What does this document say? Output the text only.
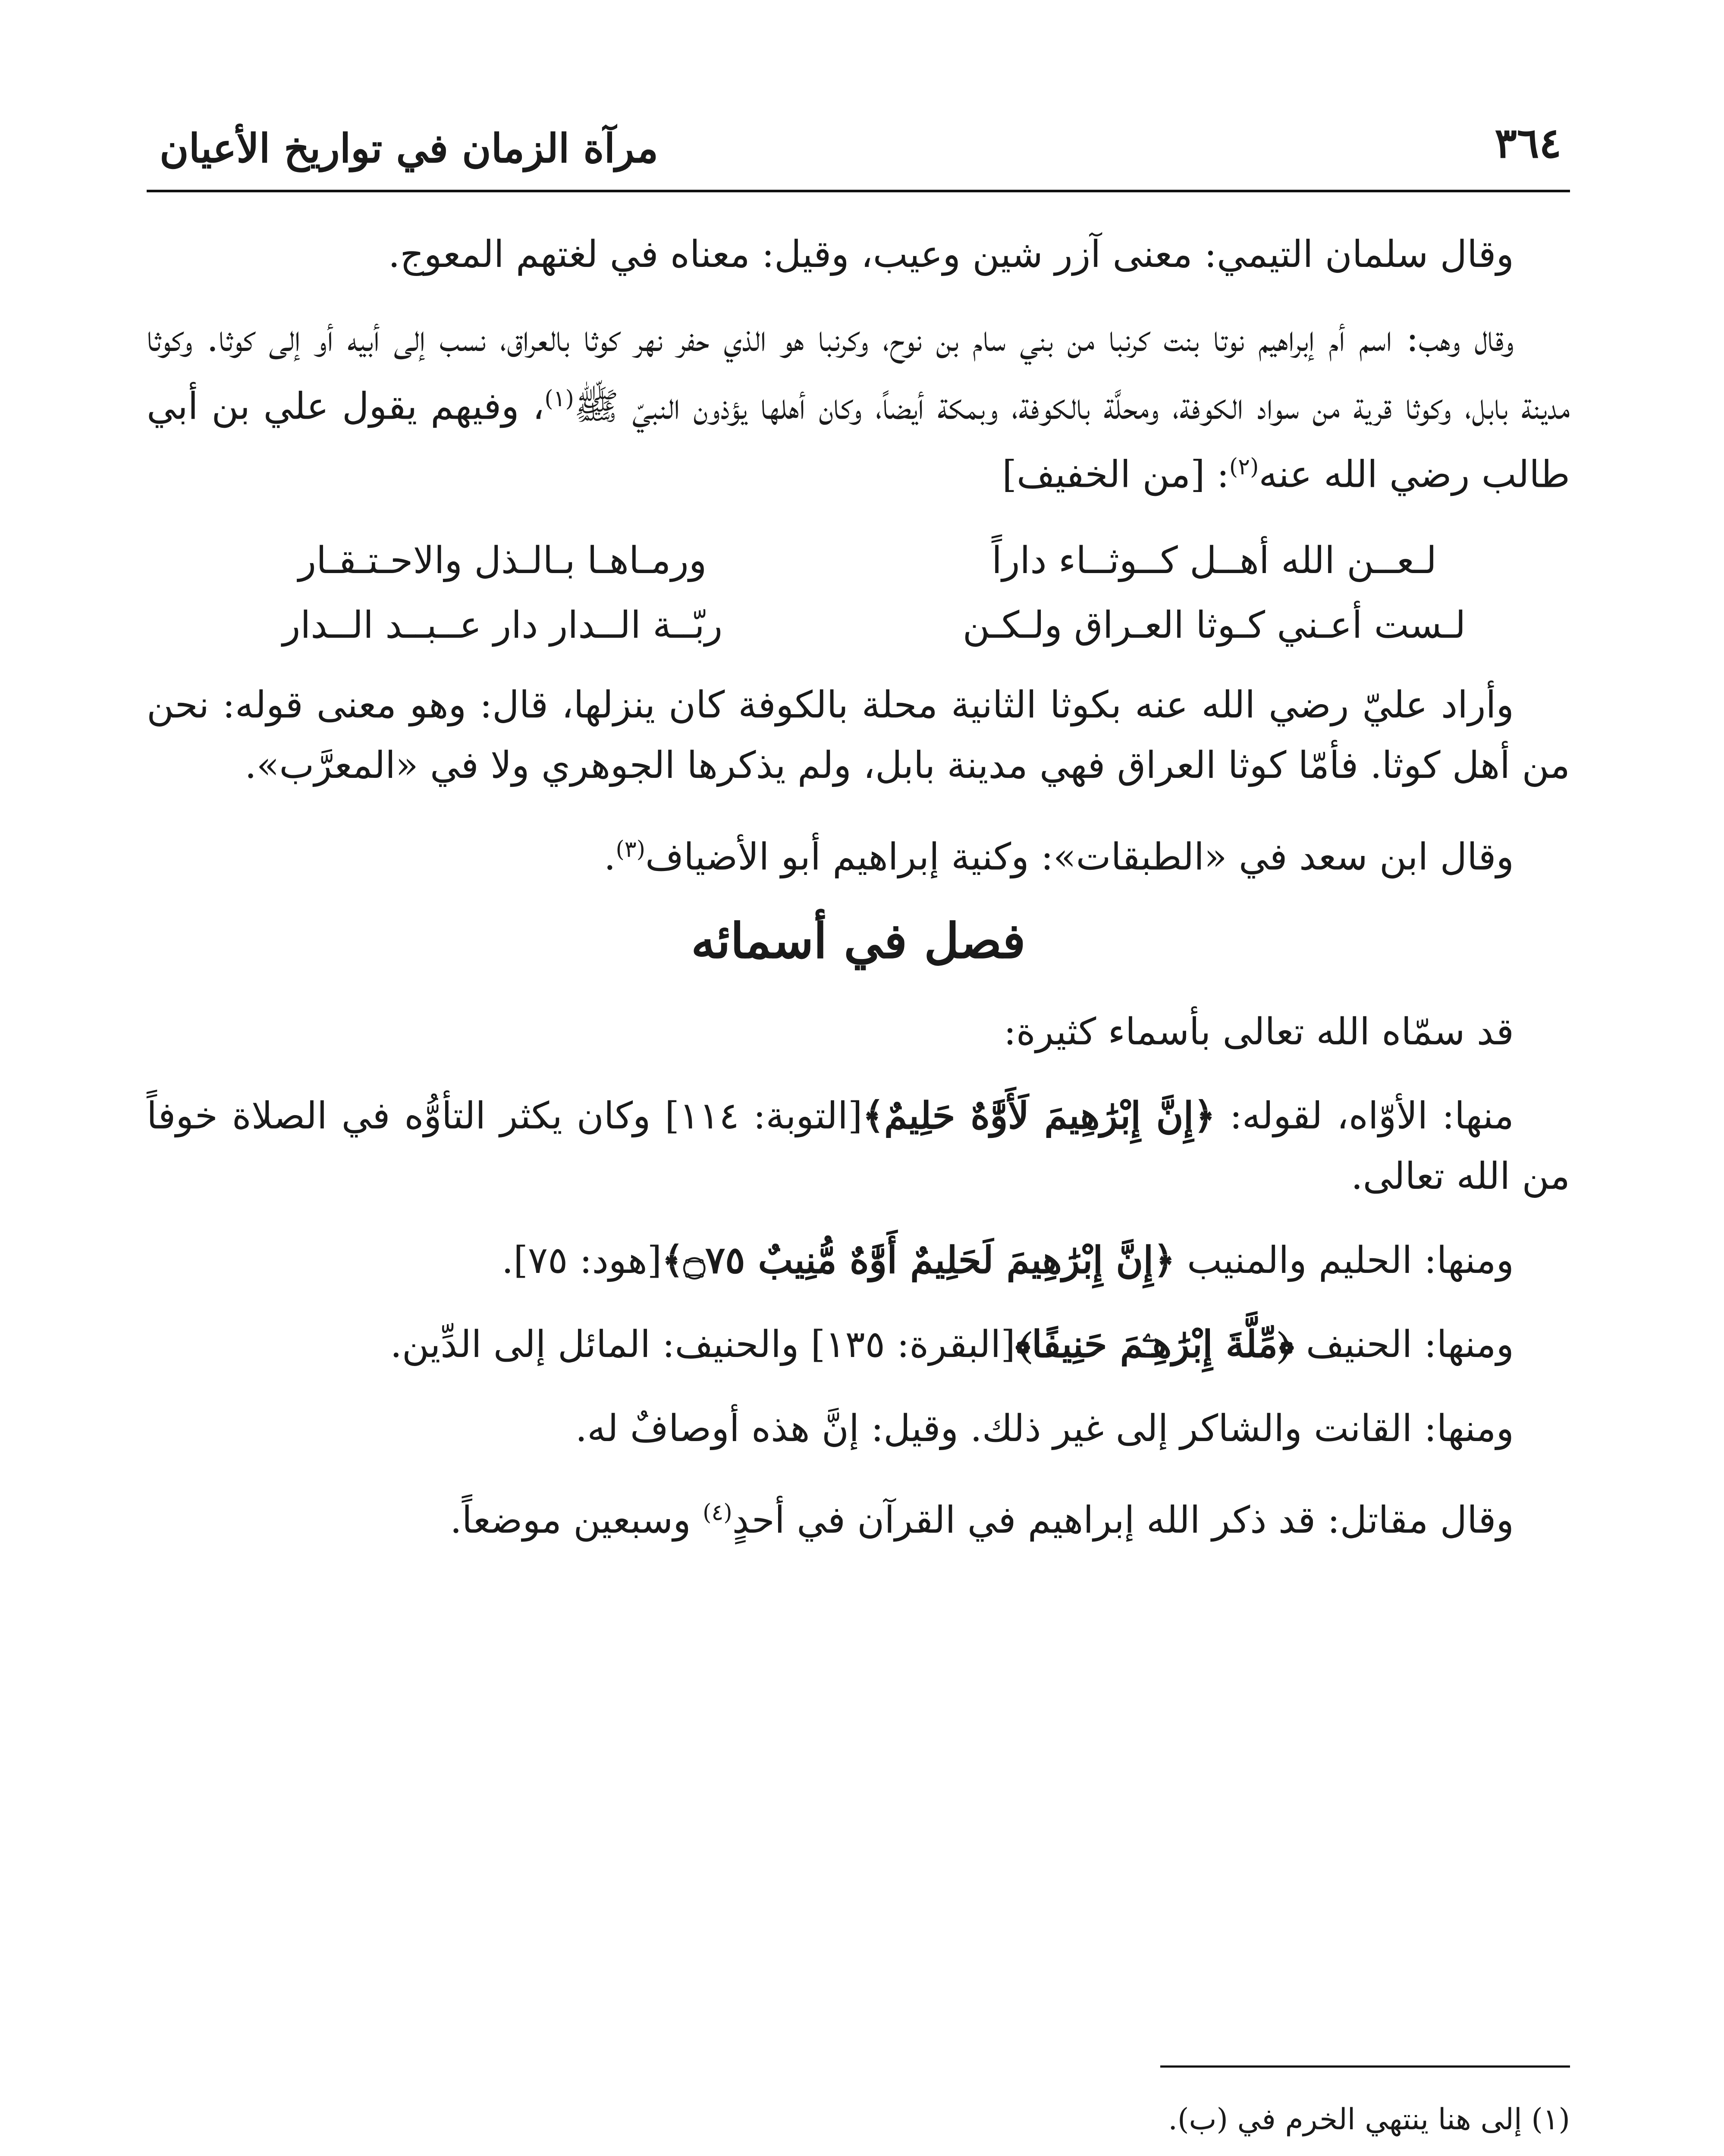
٣٦٤
مرآة الزمان في تواريخ الأعيان

وقال سلمان التيمي: معنى آزر شين وعيب، وقيل: معناه في لغتهم المعوج.

وقال وهب: اسم أم إبراهيم نوتا بنت كرنبا من بني سام بن نوح، وكرنبا هو الذي حفر نهر كوثا بالعراق، نسب إلى أبيه أو إلى كوثا. وكوثا مدينة بابل، وكوثا قرية من سواد الكوفة، ومحلَّة بالكوفة، وبمكة أيضاً، وكان أهلها يؤذون النبيّ ﷺ$^{(١)}$، وفيهم يقول علي بن أبي طالب رضي الله عنه$^{(٢)}$: [من الخفيف]

لـعــن الله أهــل كــوثــاء داراً
ورمـاهـا بـالـذل والاحـتـقـار
لـست أعـني كـوثا العـراق ولـكـن
ربّــة الــدار دار عــبــد الــدار

وأراد عليّ رضي الله عنه بكوثا الثانية محلة بالكوفة كان ينزلها، قال: وهو معنى قوله: نحن من أهل كوثا. فأمّا كوثا العراق فهي مدينة بابل، ولم يذكرها الجوهري ولا في «المعرَّب».

وقال ابن سعد في «الطبقات»: وكنية إبراهيم أبو الأضياف$^{(٣)}$.

فصل في أسمائه

قد سمّاه الله تعالى بأسماء كثيرة:

منها: الأوّاه، لقوله: ﴿إِنَّ إِبْرَٰهِيمَ لَأَوَّٰهٌ حَلِيمٌ﴾[التوبة: ١١٤] وكان يكثر التأوُّه في الصلاة خوفاً من الله تعالى.

ومنها: الحليم والمنيب ﴿إِنَّ إِبْرَٰهِيمَ لَحَلِيمٌ أَوَّٰهٌ مُّنِيبٌ ۝٧٥﴾[هود: ٧٥].

ومنها: الحنيف ﴿مِّلَّةَ إِبْرَٰهِـۧمَ حَنِيفًا﴾[البقرة: ١٣٥] والحنيف: المائل إلى الدِّين.

ومنها: القانت والشاكر إلى غير ذلك. وقيل: إنَّ هذه أوصافٌ له.

وقال مقاتل: قد ذكر الله إبراهيم في القرآن في أحدٍ$^{(٤)}$ وسبعين موضعاً.

(١) إلى هنا ينتهي الخرم في (ب).
